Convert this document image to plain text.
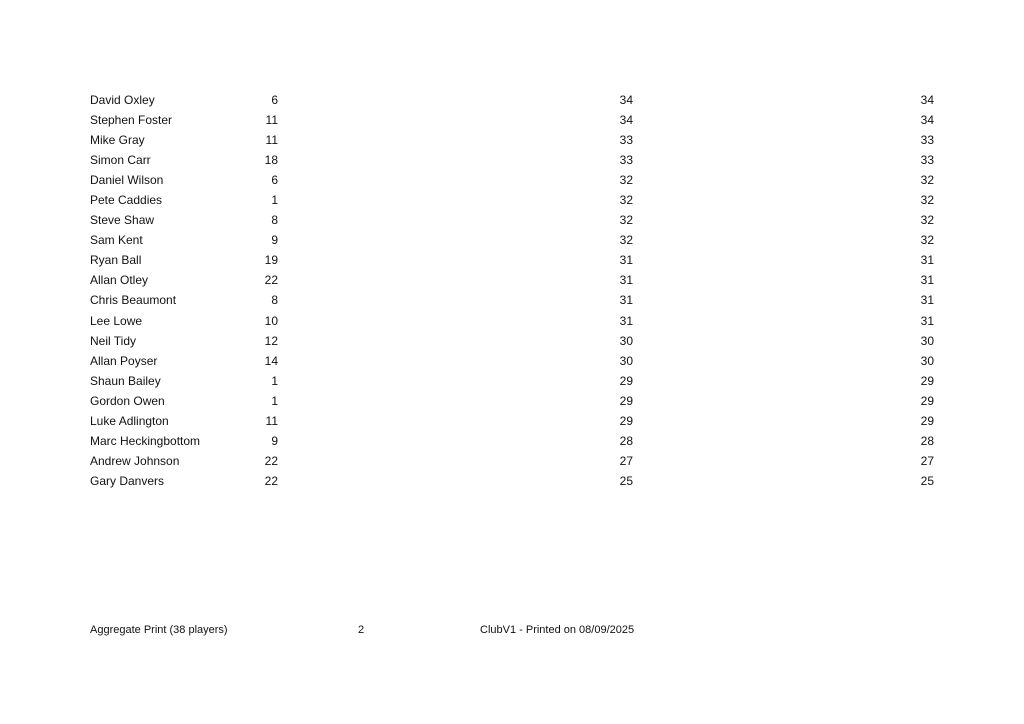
David Oxley	6	34	34
Stephen Foster	11	34	34
Mike Gray	11	33	33
Simon Carr	18	33	33
Daniel Wilson	6	32	32
Pete Caddies	1	32	32
Steve Shaw	8	32	32
Sam Kent	9	32	32
Ryan Ball	19	31	31
Allan Otley	22	31	31
Chris Beaumont	8	31	31
Lee Lowe	10	31	31
Neil Tidy	12	30	30
Allan Poyser	14	30	30
Shaun Bailey	1	29	29
Gordon Owen	1	29	29
Luke Adlington	11	29	29
Marc Heckingbottom	9	28	28
Andrew Johnson	22	27	27
Gary Danvers	22	25	25
Aggregate Print (38 players)	2	ClubV1 - Printed on 08/09/2025
